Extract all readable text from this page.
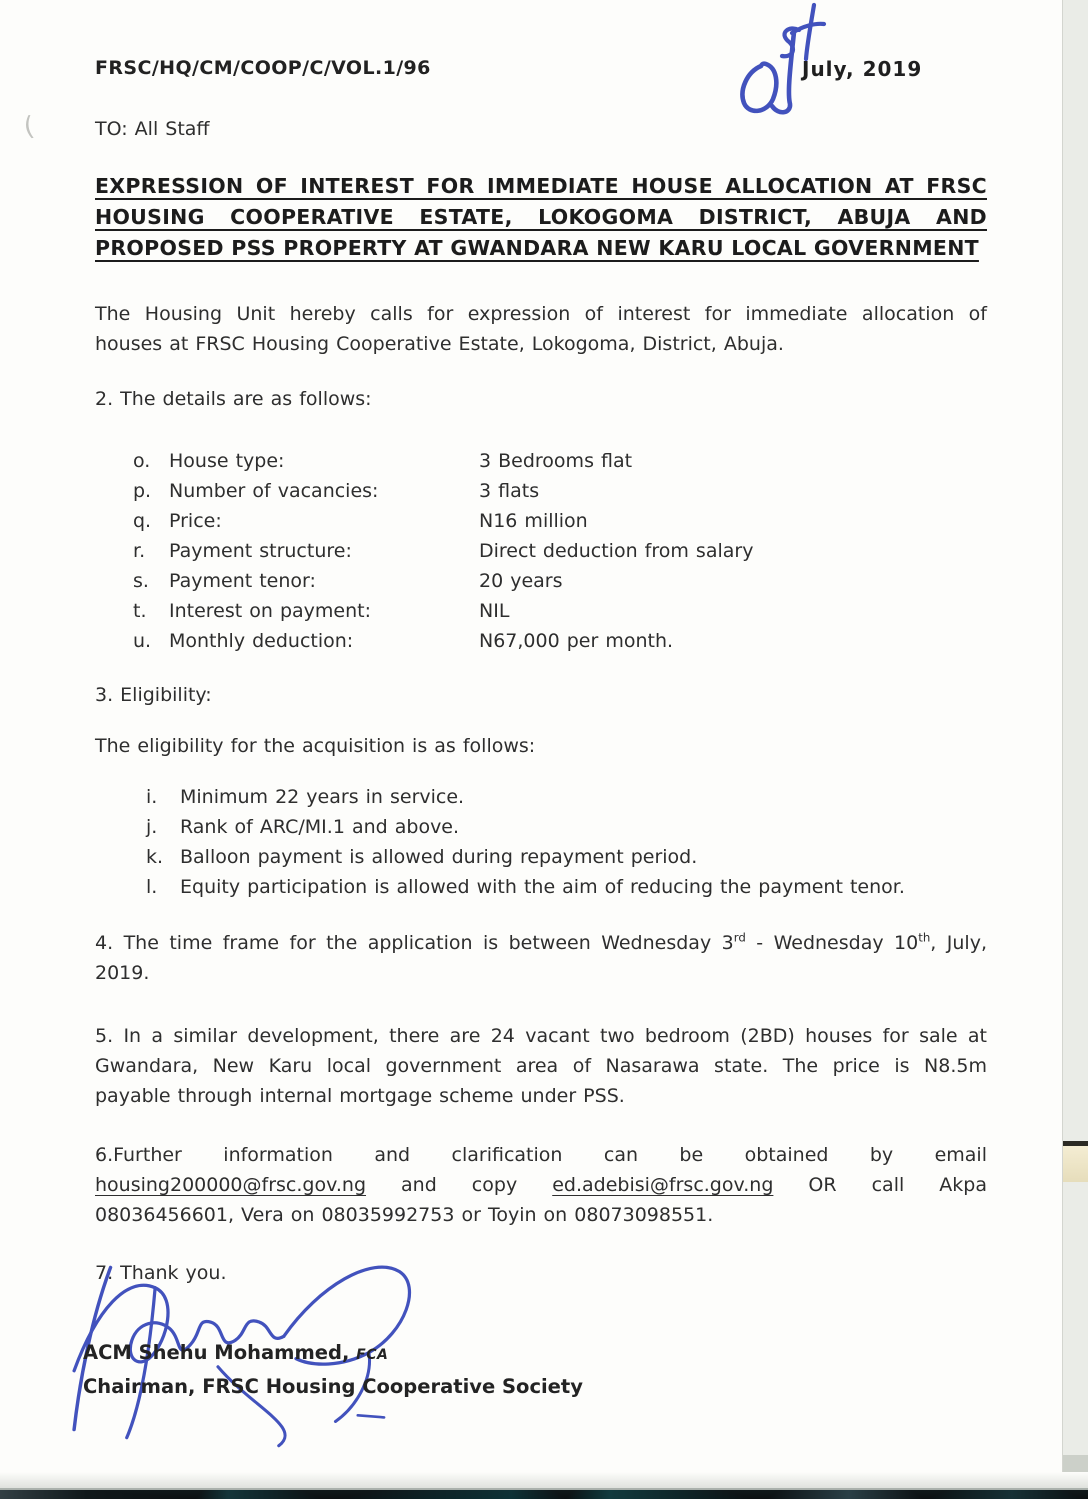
(
FRSC/HQ/CM/COOP/C/VOL.1/96	July, 2019
TO: All Staff
EXPRESSION OF INTEREST FOR IMMEDIATE HOUSE ALLOCATION AT FRSC
HOUSING COOPERATIVE ESTATE, LOKOGOMA DISTRICT, ABUJA AND
PROPOSED PSS PROPERTY AT GWANDARA NEW KARU LOCAL GOVERNMENT
The Housing Unit hereby calls for expression of interest for immediate allocation of
houses at FRSC Housing Cooperative Estate, Lokogoma, District, Abuja.
2. The details are as follows:
o. House type:	3 Bedrooms flat
p. Number of vacancies:	3 flats
q. Price:	N16 million
r.	Payment structure:	Direct deduction from salary
s.	Payment tenor:	20 years
t.	Interest on payment:	NIL
u. Monthly deduction:	N67,000 per month.
3. Eligibility:
The eligibility for the acquisition is as follows:
i.	Minimum 22 years in service.
j.	Rank of ARC/MI.1 and above.
k. Balloon payment is allowed during repayment period.
l.	Equity participation is allowed with the aim of reducing the payment tenor.
4. The time frame for the application is between Wednesday 3rd - Wednesday 10th, July,
2019.
5. In a similar development, there are 24 vacant two bedroom (2BD) houses for sale at
Gwandara, New Karu local government area of Nasarawa state. The price is N8.5m
payable through internal mortgage scheme under PSS.
6.Further information and clarification can be obtained by email
housing200000@frsc.gov.ng and copy ed.adebisi@frsc.gov.ng OR call Akpa
08036456601, Vera on 08035992753 or Toyin on 08073098551.
7. Thank you.
ACM Shehu Mohammed, FCA
Chairman, FRSC Housing Cooperative Society
